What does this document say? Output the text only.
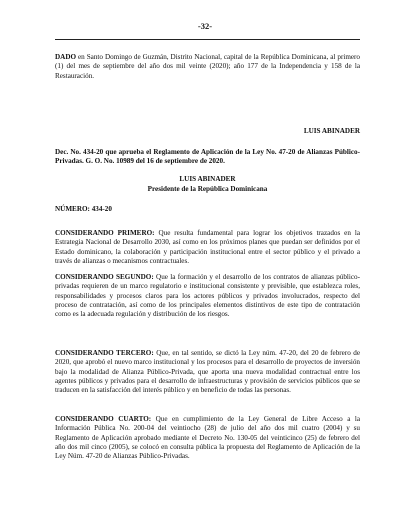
-32-
DADO en Santo Domingo de Guzmán, Distrito Nacional, capital de la República Dominicana, al primero (1) del mes de septiembre del año dos mil veinte (2020); año 177 de la Independencia y 158 de la Restauración.
LUIS ABINADER
Dec. No. 434-20 que aprueba el Reglamento de Aplicación de la Ley No. 47-20 de Alianzas Público-Privadas. G. O. No. 10989 del 16 de septiembre de 2020.
LUIS ABINADER
Presidente de la República Dominicana
NÚMERO: 434-20
CONSIDERANDO PRIMERO: Que resulta fundamental para lograr los objetivos trazados en la Estrategia Nacional de Desarrollo 2030, así como en los próximos planes que puedan ser definidos por el Estado dominicano, la colaboración y participación institucional entre el sector público y el privado a través de alianzas o mecanismos contractuales.
CONSIDERANDO SEGUNDO: Que la formación y el desarrollo de los contratos de alianzas público-privadas requieren de un marco regulatorio e institucional consistente y previsible, que establezca roles, responsabilidades y procesos claros para los actores públicos y privados involucrados, respecto del proceso de contratación, así como de los principales elementos distintivos de este tipo de contratación como es la adecuada regulación y distribución de los riesgos.
CONSIDERANDO TERCERO: Que, en tal sentido, se dictó la Ley núm. 47-20, del 20 de febrero de 2020, que aprobó el nuevo marco institucional y los procesos para el desarrollo de proyectos de inversión bajo la modalidad de Alianza Público-Privada, que aporta una nueva modalidad contractual entre los agentes públicos y privados para el desarrollo de infraestructuras y provisión de servicios públicos que se traducen en la satisfacción del interés público y en beneficio de todas las personas.
CONSIDERANDO CUARTO: Que en cumplimiento de la Ley General de Libre Acceso a la Información Pública No. 200-04 del veintiocho (28) de julio del año dos mil cuatro (2004) y su Reglamento de Aplicación aprobado mediante el Decreto No. 130-05 del veinticinco (25) de febrero del año dos mil cinco (2005), se colocó en consulta pública la propuesta del Reglamento de Aplicación de la Ley Núm. 47-20 de Alianzas Público-Privadas.
